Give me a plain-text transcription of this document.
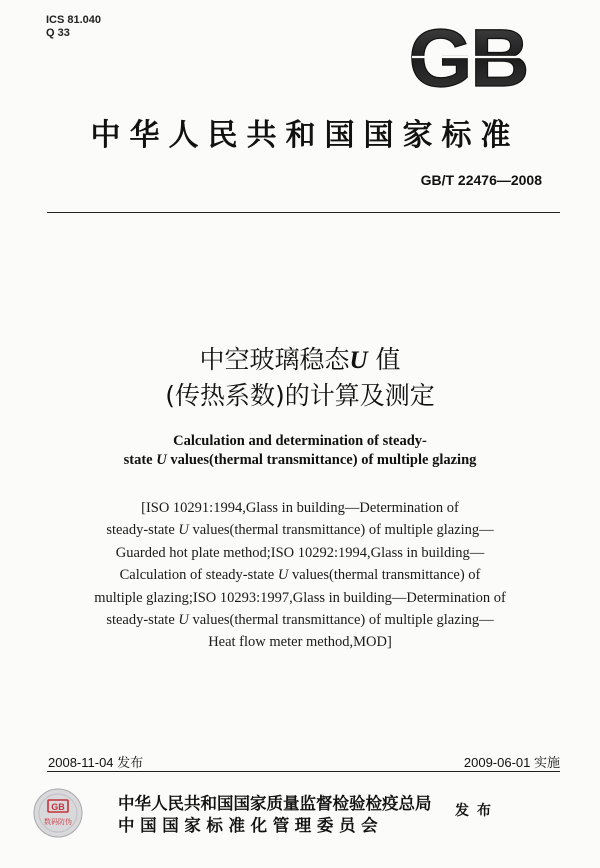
ICS 81.040
Q 33	GB
中华人民共和国国家标准
GB/T 22476—2008
中空玻璃稳态U 值
(传热系数)的计算及测定
Calculation and determination of steady-
state U values(thermal transmittance) of multiple glazing
[ISO 10291:1994,Glass in building—Determination of
steady-state U values(thermal transmittance) of multiple glazing—
Guarded hot plate method;ISO 10292:1994,Glass in building—
Calculation of steady-state U values(thermal transmittance) of
multiple glazing;ISO 10293:1997,Glass in building—Determination of
steady-state U values(thermal transmittance) of multiple glazing—
Heat flow meter method,MOD]
2008-11-04 发布	2009-06-01 实施
GB
数码防伪
中华人民共和国国家质量监督检验检疫总局
中国国家标准化管理委员会
发布
